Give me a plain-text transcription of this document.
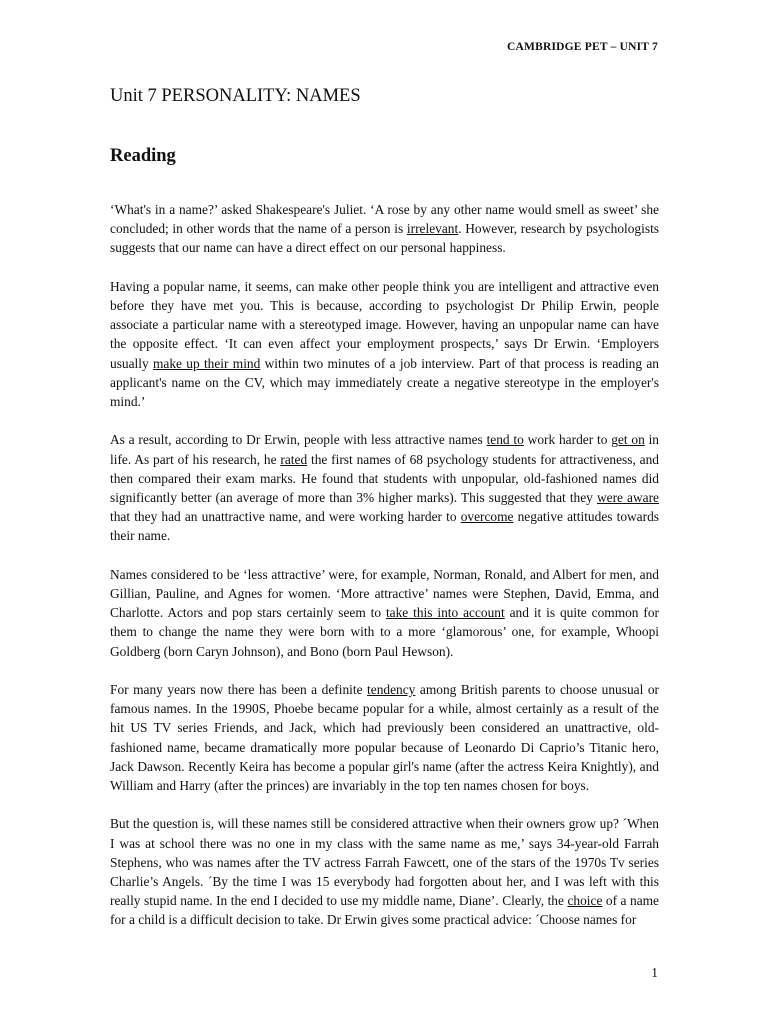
CAMBRIDGE PET – UNIT 7
Unit 7 PERSONALITY: NAMES
Reading

‘What's in a name?’ asked Shakespeare's Juliet. ‘A rose by any other name would smell as sweet’ she concluded; in other words that the name of a person is irrelevant. However, research by psychologists suggests that our name can have a direct effect on our personal happiness.

Having a popular name, it seems, can make other people think you are intelligent and attractive even before they have met you. This is because, according to psychologist Dr Philip Erwin, people associate a particular name with a stereotyped image. However, having an unpopular name can have the opposite effect. ‘It can even affect your employment prospects,’ says Dr Erwin. ‘Employers usually make up their mind within two minutes of a job interview. Part of that process is reading an applicant's name on the CV, which may immediately create a negative stereotype in the employer's mind.’

As a result, according to Dr Erwin, people with less attractive names tend to work harder to get on in life. As part of his research, he rated the first names of 68 psychology students for attractiveness, and then compared their exam marks. He found that students with unpopular, old-fashioned names did significantly better (an average of more than 3% higher marks). This suggested that they were aware that they had an unattractive name, and were working harder to overcome negative attitudes towards their name.

Names considered to be ‘less attractive’ were, for example, Norman, Ronald, and Albert for men, and Gillian, Pauline, and Agnes for women. ‘More attractive’ names were Stephen, David, Emma, and Charlotte. Actors and pop stars certainly seem to take this into account and it is quite common for them to change the name they were born with to a more ‘glamorous’ one, for example, Whoopi Goldberg (born Caryn Johnson), and Bono (born Paul Hewson).

For many years now there has been a definite tendency among British parents to choose unusual or famous names. In the 1990S, Phoebe became popular for a while, almost certainly as a result of the hit US TV series Friends, and Jack, which had previously been considered an unattractive, old-fashioned name, became dramatically more popular because of Leonardo Di Caprio’s Titanic hero, Jack Dawson. Recently Keira has become a popular girl's name (after the actress Keira Knightly), and William and Harry (after the princes) are invariably in the top ten names chosen for boys.

But the question is, will these names still be considered attractive when their owners grow up? ´When I was at school there was no one in my class with the same name as me,’ says 34-year-old Farrah Stephens, who was names after the TV actress Farrah Fawcett, one of the stars of the 1970s Tv series Charlie’s Angels. ´By the time I was 15 everybody had forgotten about her, and I was left with this really stupid name. In the end I decided to use my middle name, Diane’. Clearly, the choice of a name for a child is a difficult decision to take. Dr Erwin gives some practical advice: ´Choose names for

1
